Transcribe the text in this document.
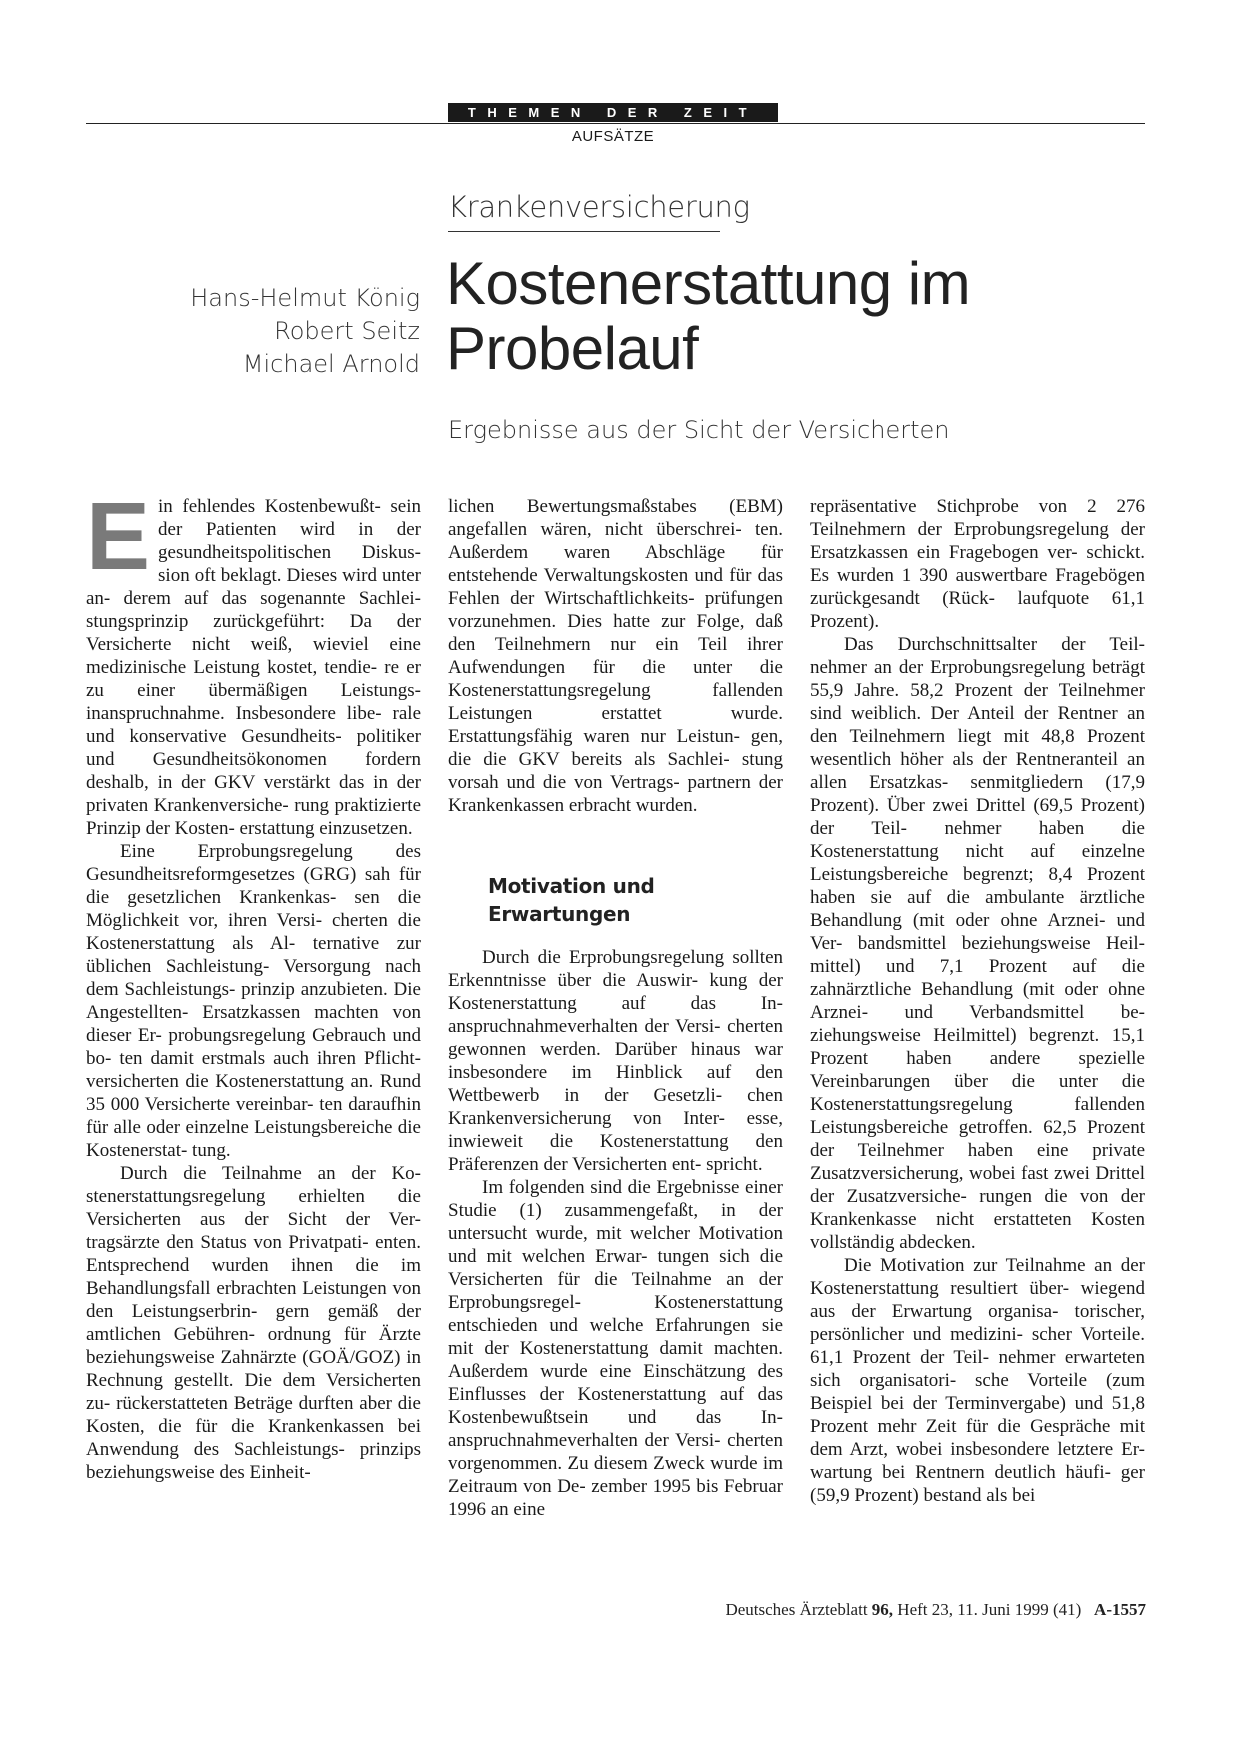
THEMEN DER ZEIT
AUFSÄTZE
Krankenversicherung
Kostenerstattung im
Probelauf
Hans-Helmut König
Robert Seitz
Michael Arnold
Ergebnisse aus der Sicht der Versicherten

Ein fehlendes Kostenbewußt- sein der Patienten wird in der gesundheitspolitischen Diskus- sion oft beklagt. Dieses wird unter an- derem auf das sogenannte Sachlei- stungsprinzip zurückgeführt: Da der Versicherte nicht weiß, wieviel eine medizinische Leistung kostet, tendie- re er zu einer übermäßigen Leistungs- inanspruchnahme. Insbesondere libe- rale und konservative Gesundheits- politiker und Gesundheitsökonomen fordern deshalb, in der GKV verstärkt das in der privaten Krankenversiche- rung praktizierte Prinzip der Kosten- erstattung einzusetzen.

Eine Erprobungsregelung des Gesundheitsreformgesetzes (GRG) sah für die gesetzlichen Krankenkas- sen die Möglichkeit vor, ihren Versi- cherten die Kostenerstattung als Al- ternative zur üblichen Sachleistung- Versorgung nach dem Sachleistungs- prinzip anzubieten. Die Angestellten- Ersatzkassen machten von dieser Er- probungsregelung Gebrauch und bo- ten damit erstmals auch ihren Pflicht- versicherten die Kostenerstattung an. Rund 35 000 Versicherte vereinbar- ten daraufhin für alle oder einzelne Leistungsbereiche die Kostenerstat- tung.

Durch die Teilnahme an der Ko- stenerstattungsregelung erhielten die Versicherten aus der Sicht der Ver- tragsärzte den Status von Privatpati- enten. Entsprechend wurden ihnen die im Behandlungsfall erbrachten Leistungen von den Leistungserbrin- gern gemäß der amtlichen Gebühren- ordnung für Ärzte beziehungsweise Zahnärzte (GOÄ/GOZ) in Rechnung gestellt. Die dem Versicherten zu- rückerstatteten Beträge durften aber die Kosten, die für die Krankenkassen bei Anwendung des Sachleistungs- prinzips beziehungsweise des Einheit-

lichen Bewertungsmaßstabes (EBM) angefallen wären, nicht überschrei- ten. Außerdem waren Abschläge für entstehende Verwaltungskosten und für das Fehlen der Wirtschaftlichkeits- prüfungen vorzunehmen. Dies hatte zur Folge, daß den Teilnehmern nur ein Teil ihrer Aufwendungen für die unter die Kostenerstattungsregelung fallenden Leistungen erstattet wurde. Erstattungsfähig waren nur Leistun- gen, die die GKV bereits als Sachlei- stung vorsah und die von Vertrags- partnern der Krankenkassen erbracht wurden.

Motivation und
Erwartungen

Durch die Erprobungsregelung sollten Erkenntnisse über die Auswir- kung der Kostenerstattung auf das In- anspruchnahmeverhalten der Versi- cherten gewonnen werden. Darüber hinaus war insbesondere im Hinblick auf den Wettbewerb in der Gesetzli- chen Krankenversicherung von Inter- esse, inwieweit die Kostenerstattung den Präferenzen der Versicherten ent- spricht.

Im folgenden sind die Ergebnisse einer Studie (1) zusammengefaßt, in der untersucht wurde, mit welcher Motivation und mit welchen Erwar- tungen sich die Versicherten für die Teilnahme an der Erprobungsregel- Kostenerstattung entschieden und welche Erfahrungen sie mit der Kostenerstattung damit machten. Außerdem wurde eine Einschätzung des Einflusses der Kostenerstattung auf das Kostenbewußtsein und das In- anspruchnahmeverhalten der Versi- cherten vorgenommen. Zu diesem Zweck wurde im Zeitraum von De- zember 1995 bis Februar 1996 an eine

repräsentative Stichprobe von 2 276 Teilnehmern der Erprobungsregelung der Ersatzkassen ein Fragebogen ver- schickt. Es wurden 1 390 auswertbare Fragebögen zurückgesandt (Rück- laufquote 61,1 Prozent).

Das Durchschnittsalter der Teil- nehmer an der Erprobungsregelung beträgt 55,9 Jahre. 58,2 Prozent der Teilnehmer sind weiblich. Der Anteil der Rentner an den Teilnehmern liegt mit 48,8 Prozent wesentlich höher als der Rentneranteil an allen Ersatzkas- senmitgliedern (17,9 Prozent). Über zwei Drittel (69,5 Prozent) der Teil- nehmer haben die Kostenerstattung nicht auf einzelne Leistungsbereiche begrenzt; 8,4 Prozent haben sie auf die ambulante ärztliche Behandlung (mit oder ohne Arznei- und Ver- bandsmittel beziehungsweise Heil- mittel) und 7,1 Prozent auf die zahnärztliche Behandlung (mit oder ohne Arznei- und Verbandsmittel be- ziehungsweise Heilmittel) begrenzt. 15,1 Prozent haben andere spezielle Vereinbarungen über die unter die Kostenerstattungsregelung fallenden Leistungsbereiche getroffen. 62,5 Prozent der Teilnehmer haben eine private Zusatzversicherung, wobei fast zwei Drittel der Zusatzversiche- rungen die von der Krankenkasse nicht erstatteten Kosten vollständig abdecken.

Die Motivation zur Teilnahme an der Kostenerstattung resultiert über- wiegend aus der Erwartung organisa- torischer, persönlicher und medizini- scher Vorteile. 61,1 Prozent der Teil- nehmer erwarteten sich organisatori- sche Vorteile (zum Beispiel bei der Terminvergabe) und 51,8 Prozent mehr Zeit für die Gespräche mit dem Arzt, wobei insbesondere letztere Er- wartung bei Rentnern deutlich häufi- ger (59,9 Prozent) bestand als bei

Deutsches Ärzteblatt 96, Heft 23, 11. Juni 1999 (41) A-1557
